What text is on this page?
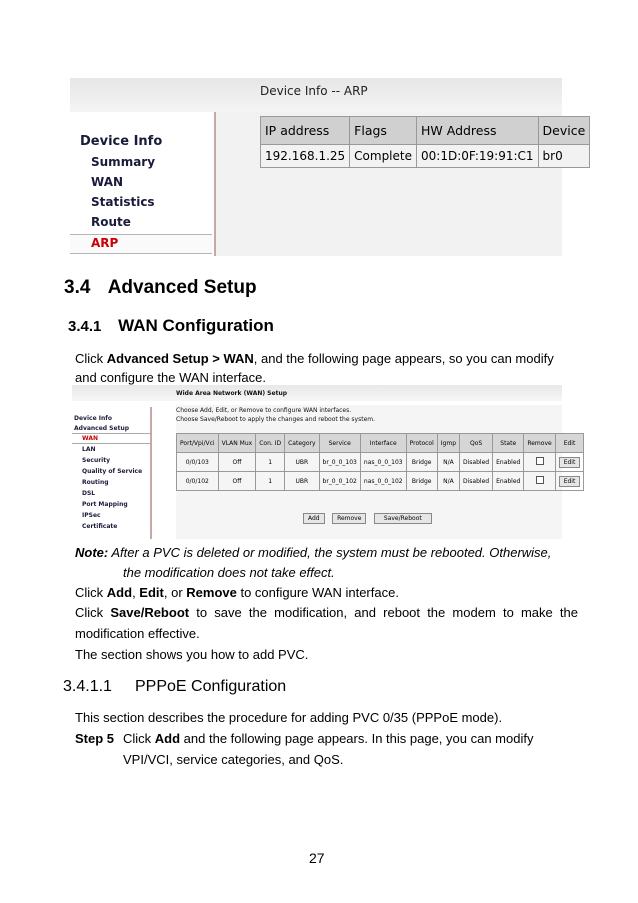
Device Info -- ARP
Device Info
Summary
WAN
Statistics
Route
ARP
IP address	Flags	HW Address	Device
192.168.1.25	Complete	00:1D:0F:19:91:C1	br0
3.4 Advanced Setup
3.4.1 WAN Configuration
Click Advanced Setup > WAN, and the following page appears, so you can modify
and configure the WAN interface.
Wide Area Network (WAN) Setup
Choose Add, Edit, or Remove to configure WAN interfaces.
Choose Save/Reboot to apply the changes and reboot the system.
Device Info
Advanced Setup
WAN
LAN
Security
Quality of Service
Routing
DSL
Port Mapping
IPSec
Certificate
Port/Vpi/Vci	VLAN Mux	Con. ID	Category	Service	Interface	Protocol	Igmp	QoS	State	Remove	Edit
0/0/103	Off	1	UBR	br_0_0_103	nas_0_0_103	Bridge	N/A	Disabled	Enabled		Edit
0/0/102	Off	1	UBR	br_0_0_102	nas_0_0_102	Bridge	N/A	Disabled	Enabled		Edit
Add	Remove	Save/Reboot
Note: After a PVC is deleted or modified, the system must be rebooted. Otherwise,
the modification does not take effect.
Click Add, Edit, or Remove to configure WAN interface.
Click Save/Reboot to save the modification, and reboot the modem to make the
modification effective.
The section shows you how to add PVC.
3.4.1.1 PPPoE Configuration
This section describes the procedure for adding PVC 0/35 (PPPoE mode).
Step 5 Click Add and the following page appears. In this page, you can modify
VPI/VCI, service categories, and QoS.
27
